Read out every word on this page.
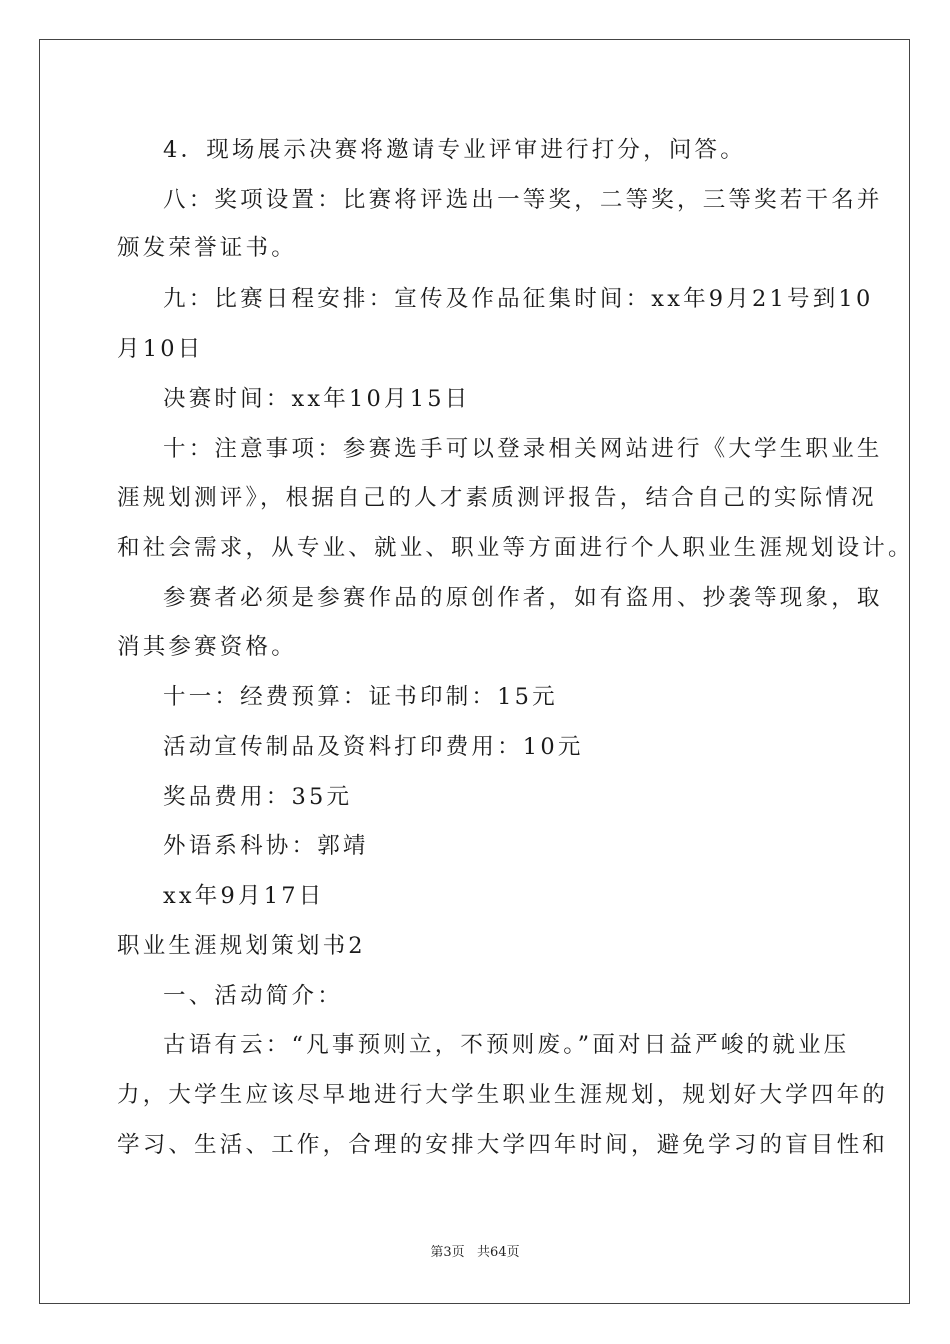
4．现场展示决赛将邀请专业评审进行打分，问答。
八：奖项设置：比赛将评选出一等奖，二等奖，三等奖若干名并
颁发荣誉证书。
九：比赛日程安排：宣传及作品征集时间：xx年9月21号到10
月10日
决赛时间：xx年10月15日
十：注意事项：参赛选手可以登录相关网站进行《大学生职业生
涯规划测评》，根据自己的人才素质测评报告，结合自己的实际情况
和社会需求，从专业、就业、职业等方面进行个人职业生涯规划设计。
参赛者必须是参赛作品的原创作者，如有盗用、抄袭等现象，取
消其参赛资格。
十一：经费预算：证书印制：15元
活动宣传制品及资料打印费用：10元
奖品费用：35元
外语系科协：郭靖
xx年9月17日
职业生涯规划策划书2
一、活动简介：
古语有云：“凡事预则立，不预则废。”面对日益严峻的就业压
力，大学生应该尽早地进行大学生职业生涯规划，规划好大学四年的
学习、生活、工作，合理的安排大学四年时间，避免学习的盲目性和
第3页   共64页
